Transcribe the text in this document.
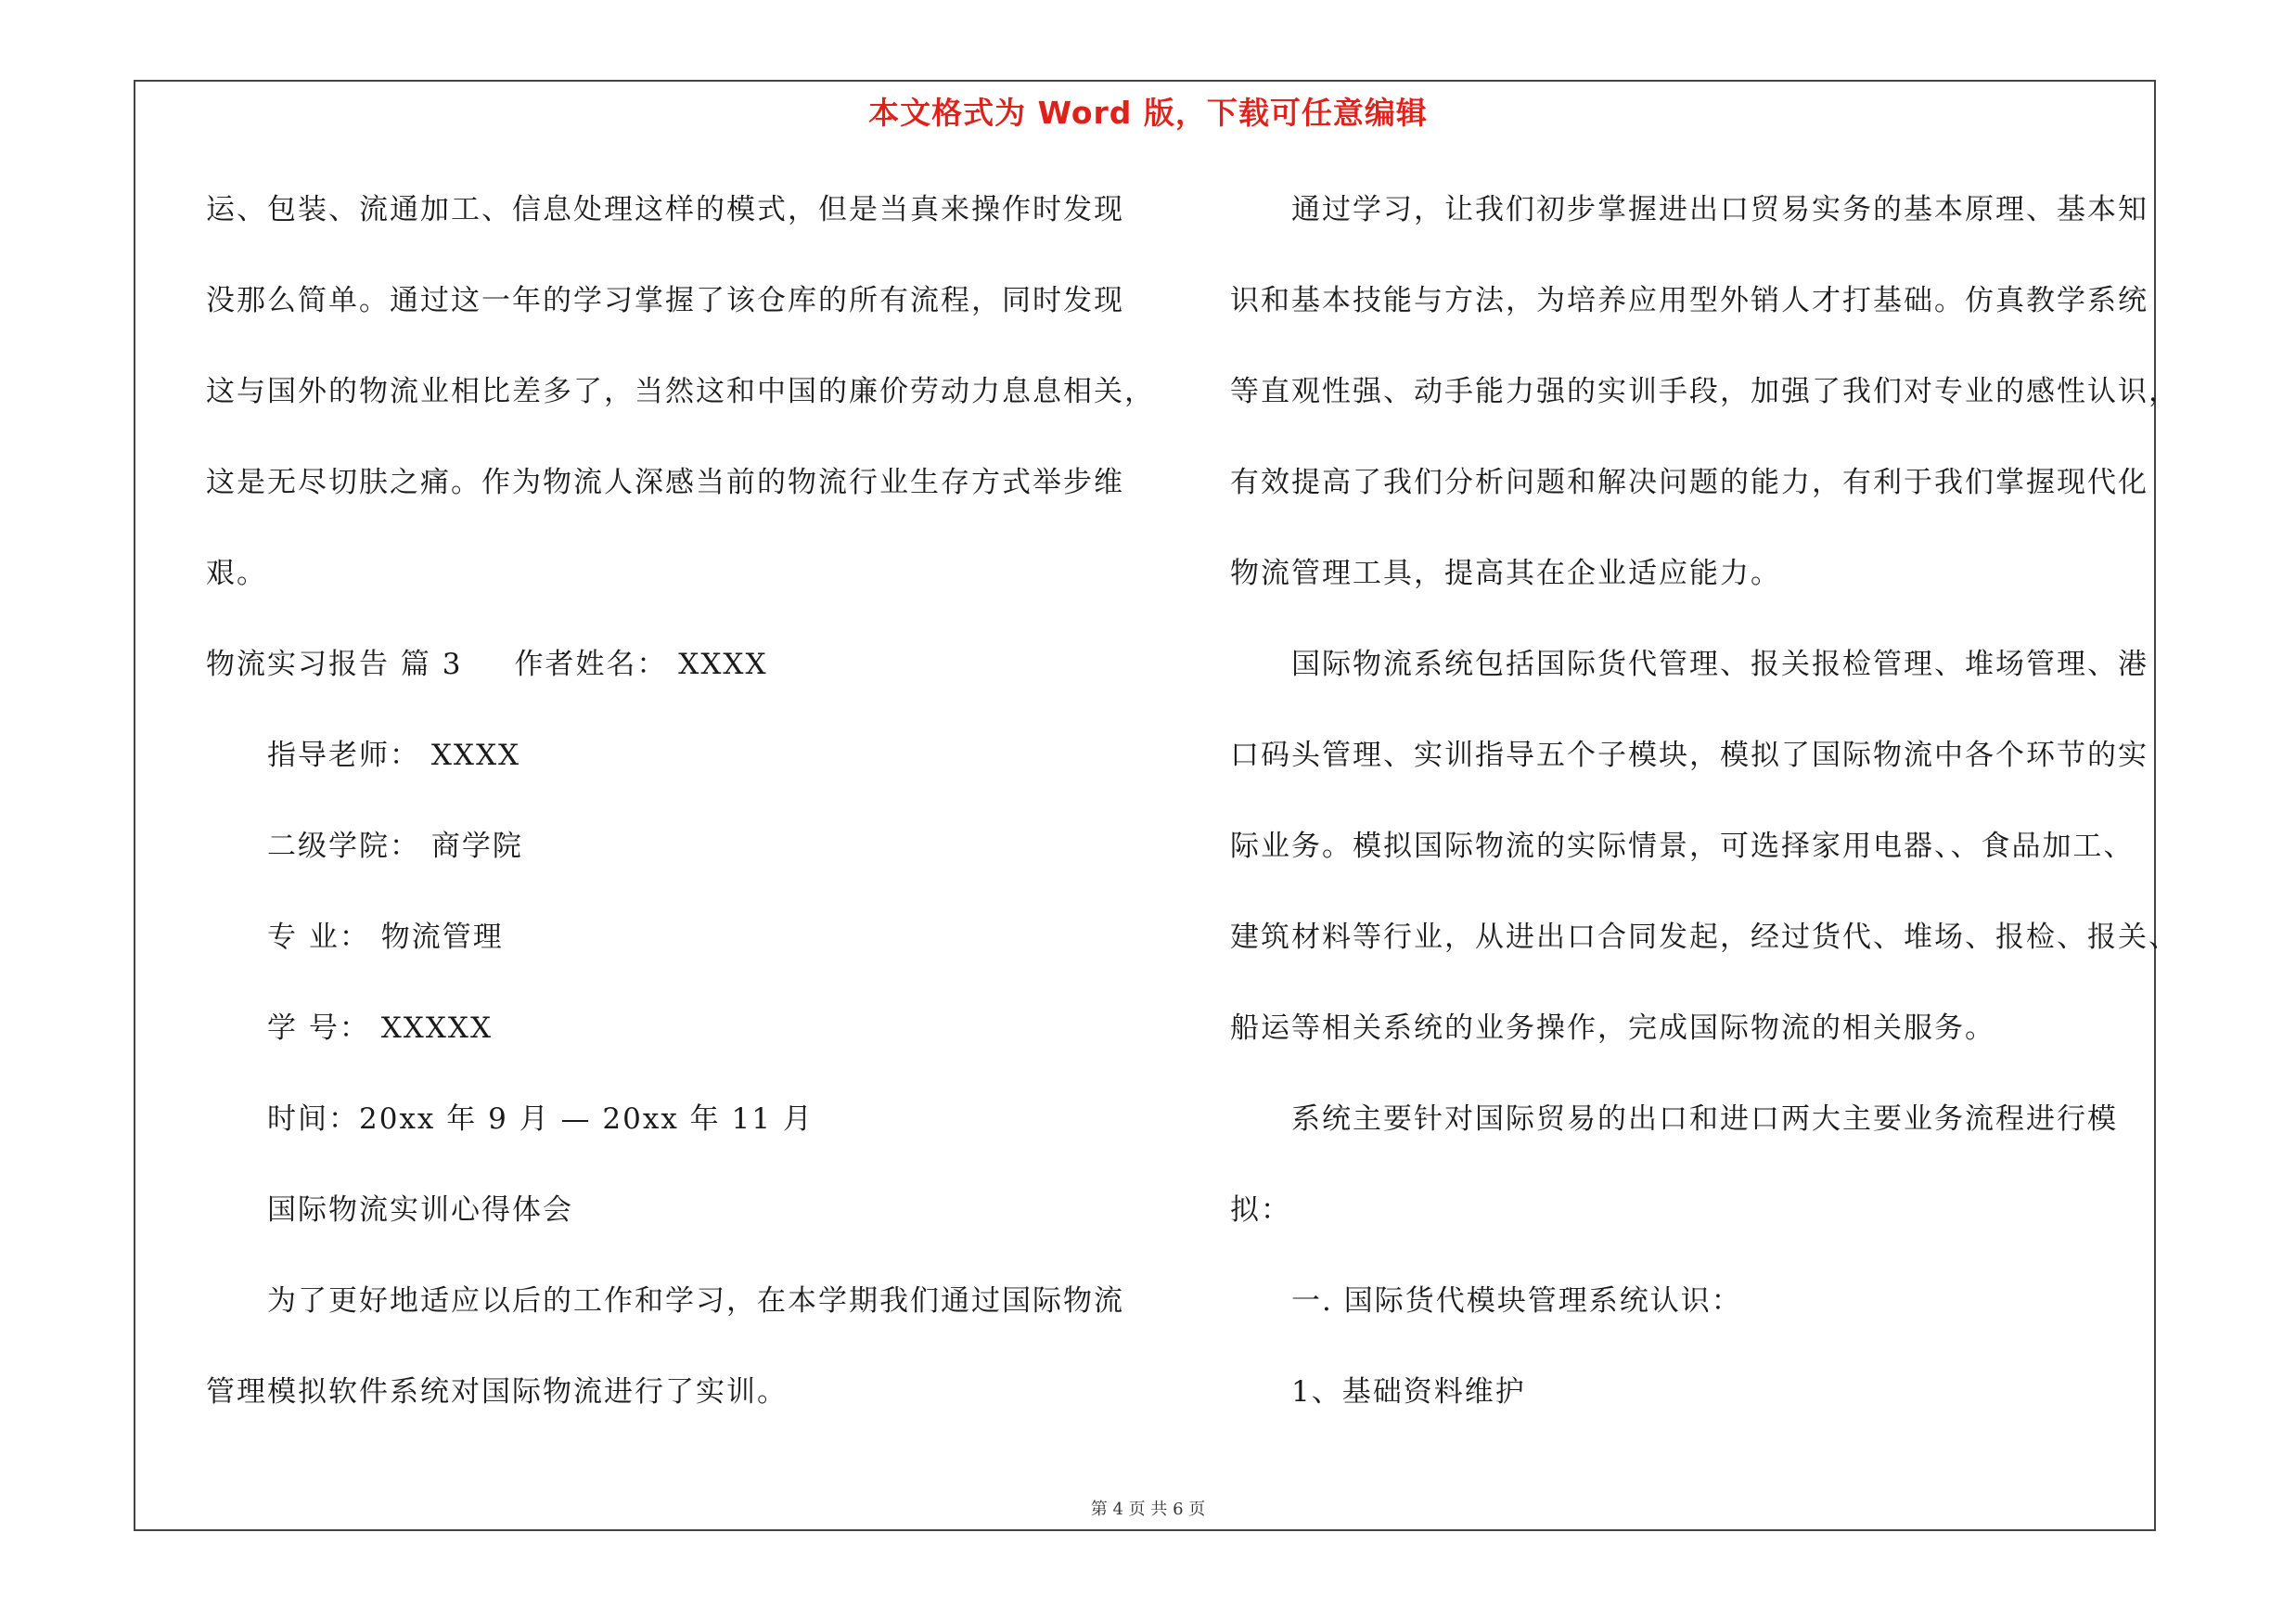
本文格式为 Word 版，下载可任意编辑
运、包装、流通加工、信息处理这样的模式，但是当真来操作时发现
没那么简单。通过这一年的学习掌握了该仓库的所有流程，同时发现
这与国外的物流业相比差多了，当然这和中国的廉价劳动力息息相关，
这是无尽切肤之痛。作为物流人深感当前的物流行业生存方式举步维
艰。
物流实习报告 篇 3 作者姓名： XXXX
指导老师： XXXX
二级学院： 商学院
专 业： 物流管理
学 号： XXXXX
时间：20xx 年 9 月 — 20xx 年 11 月
国际物流实训心得体会
为了更好地适应以后的工作和学习，在本学期我们通过国际物流
管理模拟软件系统对国际物流进行了实训。
通过学习，让我们初步掌握进出口贸易实务的基本原理、基本知
识和基本技能与方法，为培养应用型外销人才打基础。仿真教学系统
等直观性强、动手能力强的实训手段，加强了我们对专业的感性认识，
有效提高了我们分析问题和解决问题的能力，有利于我们掌握现代化
物流管理工具，提高其在企业适应能力。
国际物流系统包括国际货代管理、报关报检管理、堆场管理、港
口码头管理、实训指导五个子模块，模拟了国际物流中各个环节的实
际业务。模拟国际物流的实际情景，可选择家用电器、、食品加工、
建筑材料等行业，从进出口合同发起，经过货代、堆场、报检、报关、
船运等相关系统的业务操作，完成国际物流的相关服务。
系统主要针对国际贸易的出口和进口两大主要业务流程进行模
拟：
一. 国际货代模块管理系统认识：
1、基础资料维护
第 4 页 共 6 页
